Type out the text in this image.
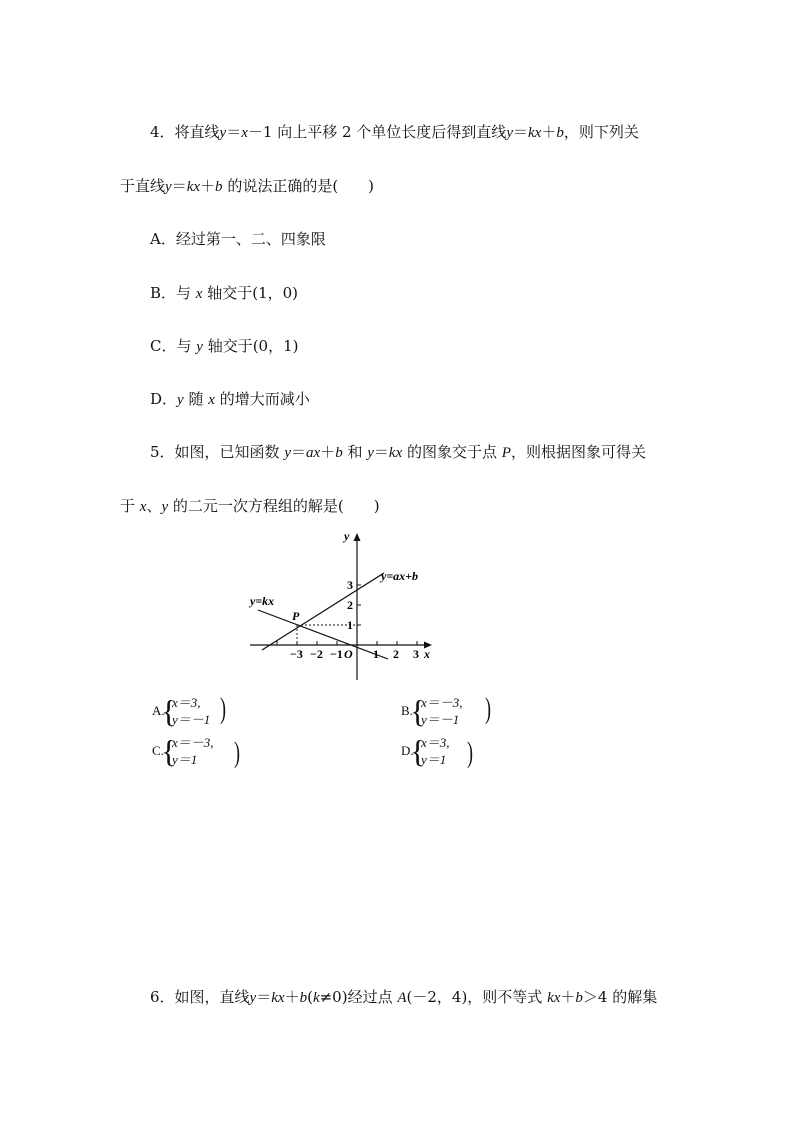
4．将直线y＝x－1 向上平移 2 个单位长度后得到直线y＝kx＋b，则下列关
于直线y＝kx＋b 的说法正确的是(　　)
A．经过第一、二、四象限
B．与 x 轴交于(1，0)
C．与 y 轴交于(0，1)
D．y 随 x 的增大而减小
5．如图，已知函数 y＝ax＋b 和 y＝kx 的图象交于点 P，则根据图象可得关
于 x、y 的二元一次方程组的解是(　　)
y
x
y=ax+b
y=kx
P
O
−3 −2 −1	1 2 3
1
2
3
A.
{
x＝3,
y＝－1 )	B.
{
x＝－3,
y＝－1 )
C.
{
x＝－3,
y＝1	)	D.
{
x＝3,
y＝1 )
6．如图，直线y＝kx＋b(k≠0)经过点 A(－2，4)，则不等式 kx＋b＞4 的解集
